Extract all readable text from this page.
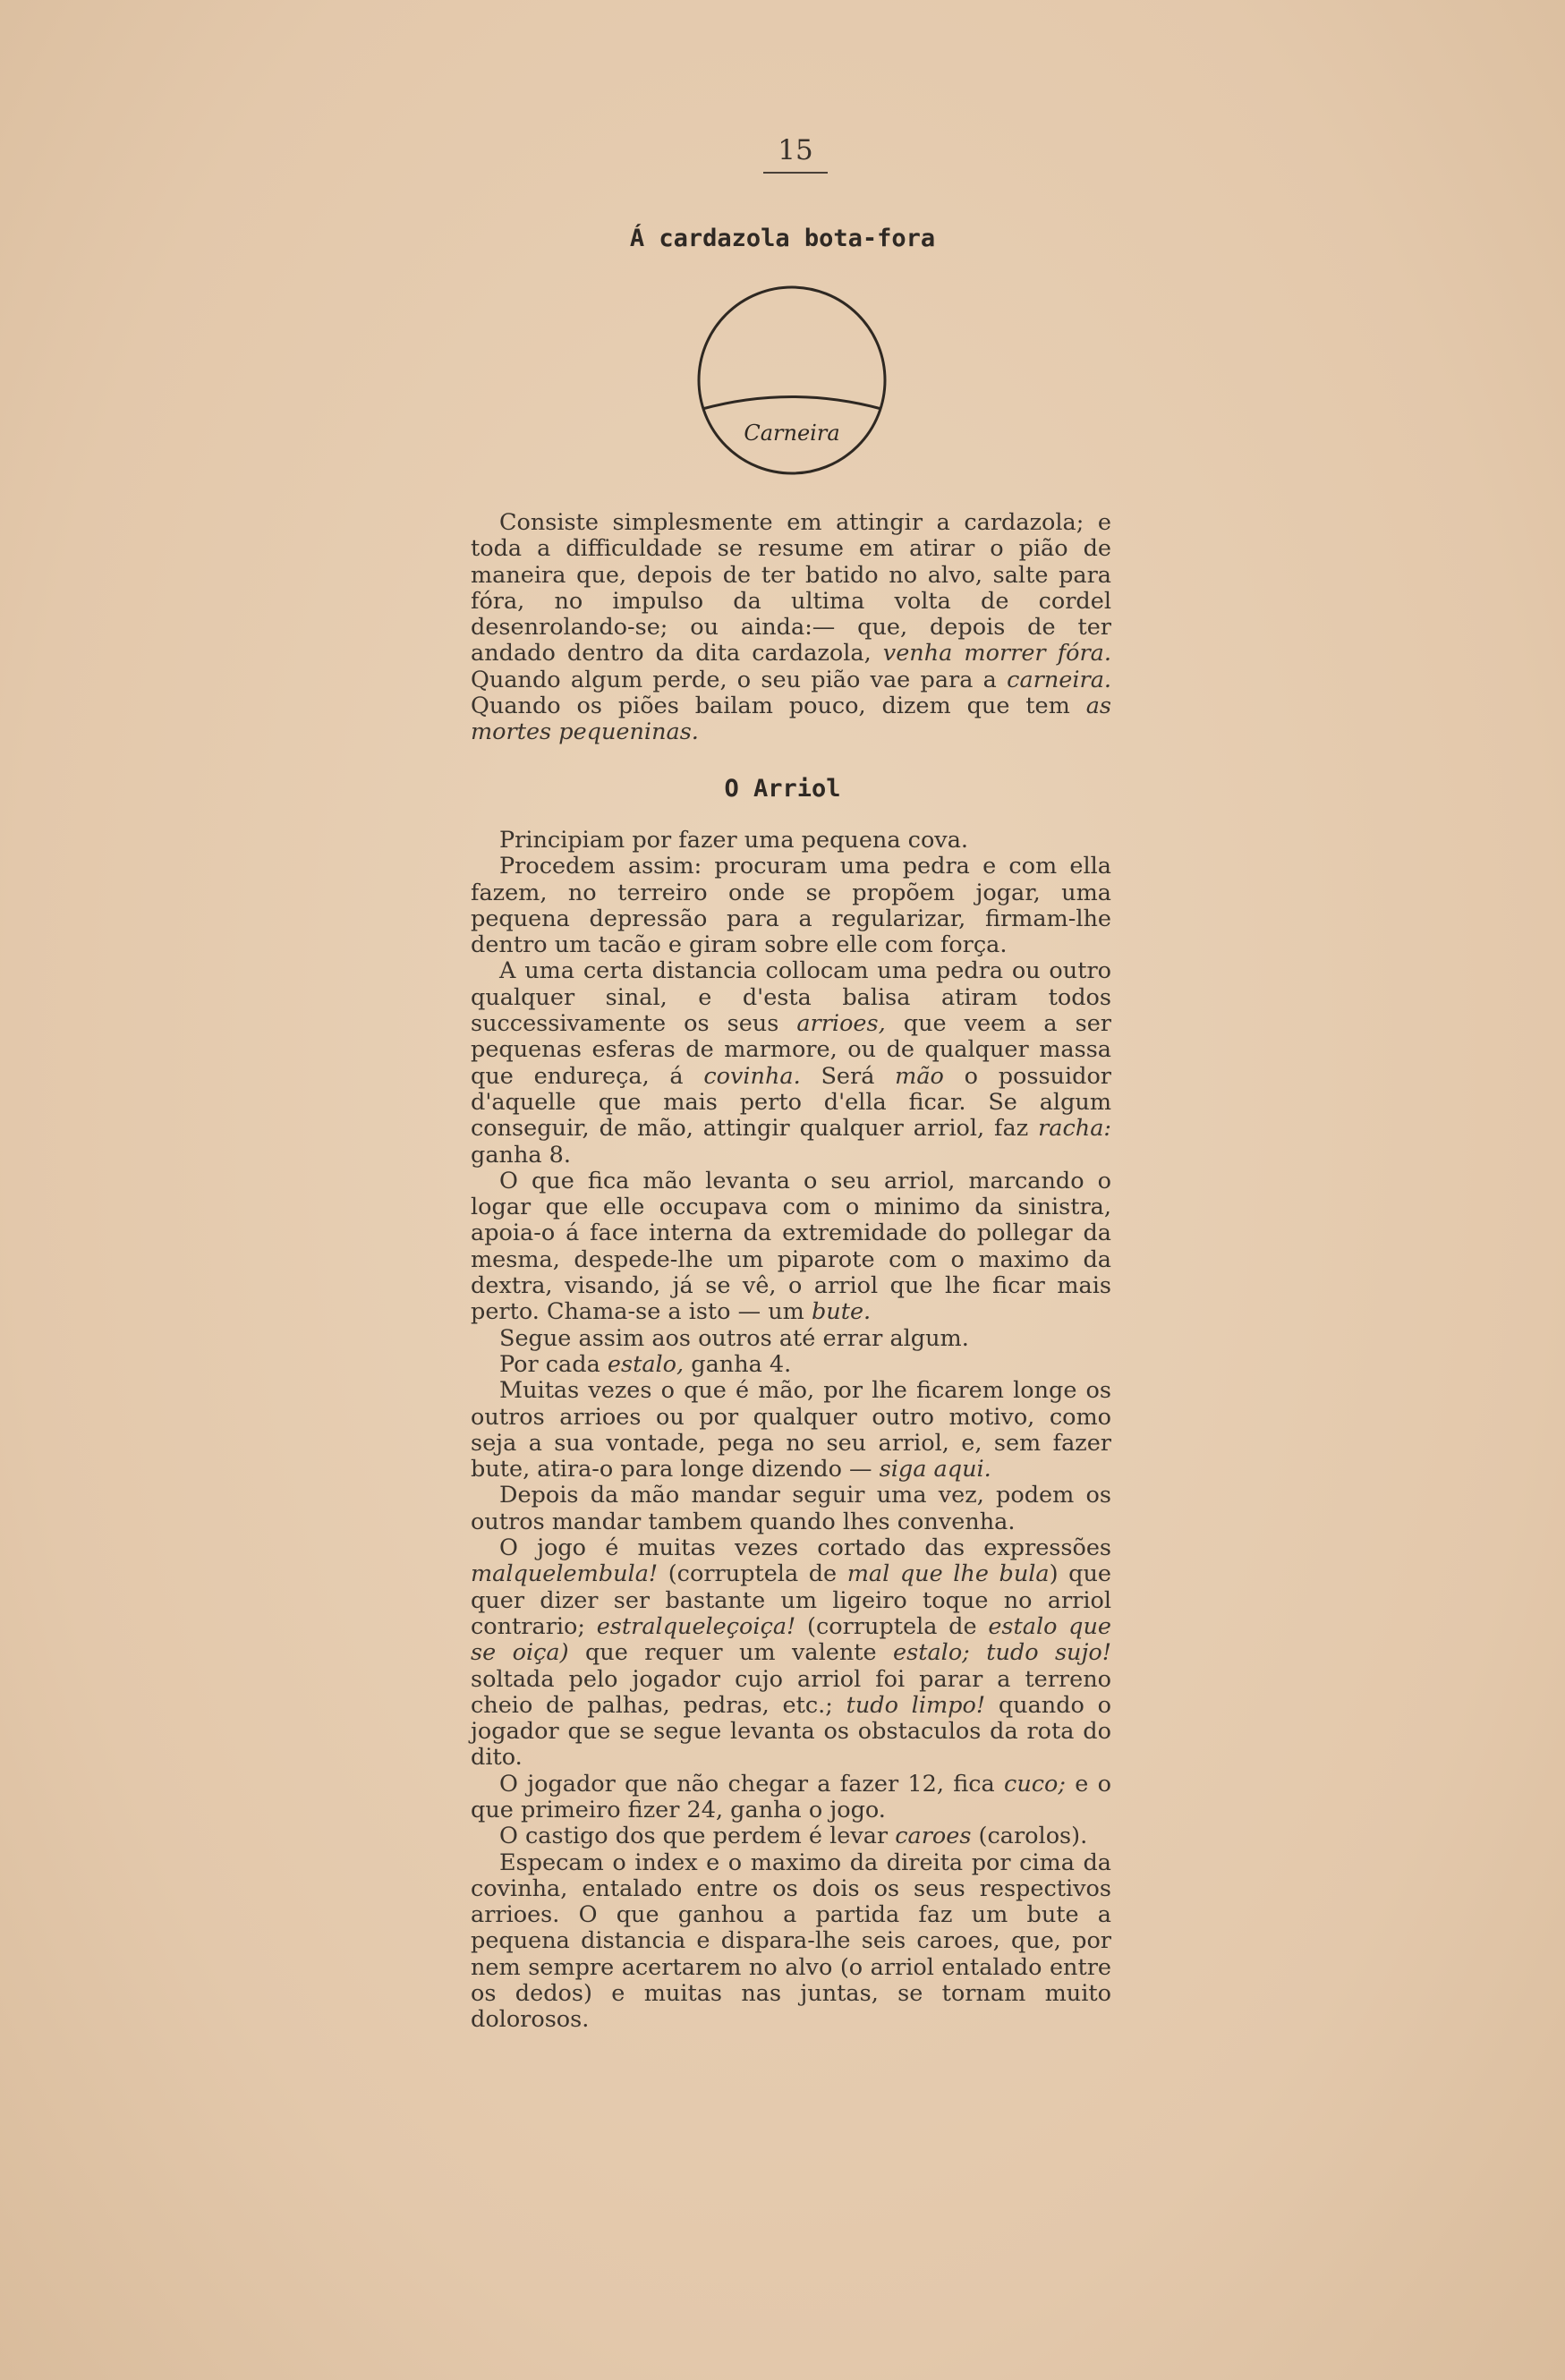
15
Á cardazola bota-fora
Carneira

Consiste simplesmente em attingir a cardazola; e toda a difficuldade se resume em atirar o pião de maneira que, depois de ter batido no alvo, salte para fóra, no impulso da ultima volta de cordel desenrolando-se; ou ainda:— que, depois de ter andado dentro da dita cardazola, venha morrer fóra. Quando algum perde, o seu pião vae para a carneira. Quando os piões bailam pouco, dizem que tem as mortes pequeninas.

O Arriol

Principiam por fazer uma pequena cova.

Procedem assim: procuram uma pedra e com ella fazem, no terreiro onde se propõem jogar, uma pequena depressão para a regularizar, firmam-lhe dentro um tacão e giram sobre elle com força.

A uma certa distancia collocam uma pedra ou outro qualquer sinal, e d'esta balisa atiram todos successivamente os seus arrioes, que veem a ser pequenas esferas de marmore, ou de qualquer massa que endureça, á covinha. Será mão o possuidor d'aquelle que mais perto d'ella ficar. Se algum conseguir, de mão, attingir qualquer arriol, faz racha: ganha 8.

O que fica mão levanta o seu arriol, marcando o logar que elle occupava com o minimo da sinistra, apoia-o á face interna da extremidade do pollegar da mesma, despede-lhe um piparote com o maximo da dextra, visando, já se vê, o arriol que lhe ficar mais perto. Chama-se a isto — um bute.

Segue assim aos outros até errar algum.

Por cada estalo, ganha 4.

Muitas vezes o que é mão, por lhe ficarem longe os outros arrioes ou por qualquer outro motivo, como seja a sua vontade, pega no seu arriol, e, sem fazer bute, atira-o para longe dizendo — siga aqui.

Depois da mão mandar seguir uma vez, podem os outros mandar tambem quando lhes convenha.

O jogo é muitas vezes cortado das expressões malquelembula! (corruptela de mal que lhe bula) que quer dizer ser bastante um ligeiro toque no arriol contrario; estralqueleçoiça! (corruptela de estalo que se oiça) que requer um valente estalo; tudo sujo! soltada pelo jogador cujo arriol foi parar a terreno cheio de palhas, pedras, etc.; tudo limpo! quando o jogador que se segue levanta os obstaculos da rota do dito.

O jogador que não chegar a fazer 12, fica cuco; e o que primeiro fizer 24, ganha o jogo.

O castigo dos que perdem é levar caroes (carolos).

Especam o index e o maximo da direita por cima da covinha, entalado entre os dois os seus respectivos arrioes. O que ganhou a partida faz um bute a pequena distancia e dispara-lhe seis caroes, que, por nem sempre acertarem no alvo (o arriol entalado entre os dedos) e muitas nas juntas, se tornam muito dolorosos.
